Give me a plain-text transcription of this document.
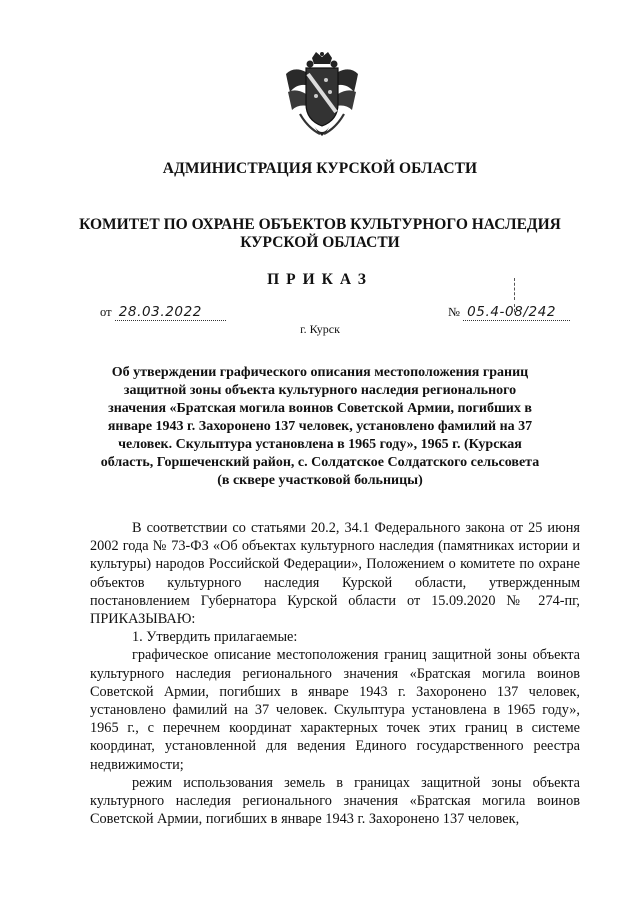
АДМИНИСТРАЦИЯ КУРСКОЙ ОБЛАСТИ
КОМИТЕТ ПО ОХРАНЕ ОБЪЕКТОВ КУЛЬТУРНОГО НАСЛЕДИЯ
КУРСКОЙ ОБЛАСТИ
ПРИКАЗ
от 28.03.2022	№ 05.4-08/242
г. Курск
Об утверждении графического описания местоположения границ защитной зоны объекта культурного наследия регионального значения «Братская могила воинов Советской Армии, погибших в январе 1943 г. Захоронено 137 человек, установлено фамилий на 37 человек. Скульптура установлена в 1965 году», 1965 г. (Курская область, Горшеченский район, с. Солдатское Солдатского сельсовета (в сквере участковой больницы)

В соответствии со статьями 20.2, 34.1 Федерального закона от 25 июня 2002 года № 73-ФЗ «Об объектах культурного наследия (памятниках истории и культуры) народов Российской Федерации», Положением о комитете по охране объектов культурного наследия Курской области, утвержденным постановлением Губернатора Курской области от 15.09.2020 № 274-пг, ПРИКАЗЫВАЮ:

1. Утвердить прилагаемые:

графическое описание местоположения границ защитной зоны объекта культурного наследия регионального значения «Братская могила воинов Советской Армии, погибших в январе 1943 г. Захоронено 137 человек, установлено фамилий на 37 человек. Скульптура установлена в 1965 году», 1965 г., с перечнем координат характерных точек этих границ в системе координат, установленной для ведения Единого государственного реестра недвижимости;

режим использования земель в границах защитной зоны объекта культурного наследия регионального значения «Братская могила воинов Советской Армии, погибших в январе 1943 г. Захоронено 137 человек,
